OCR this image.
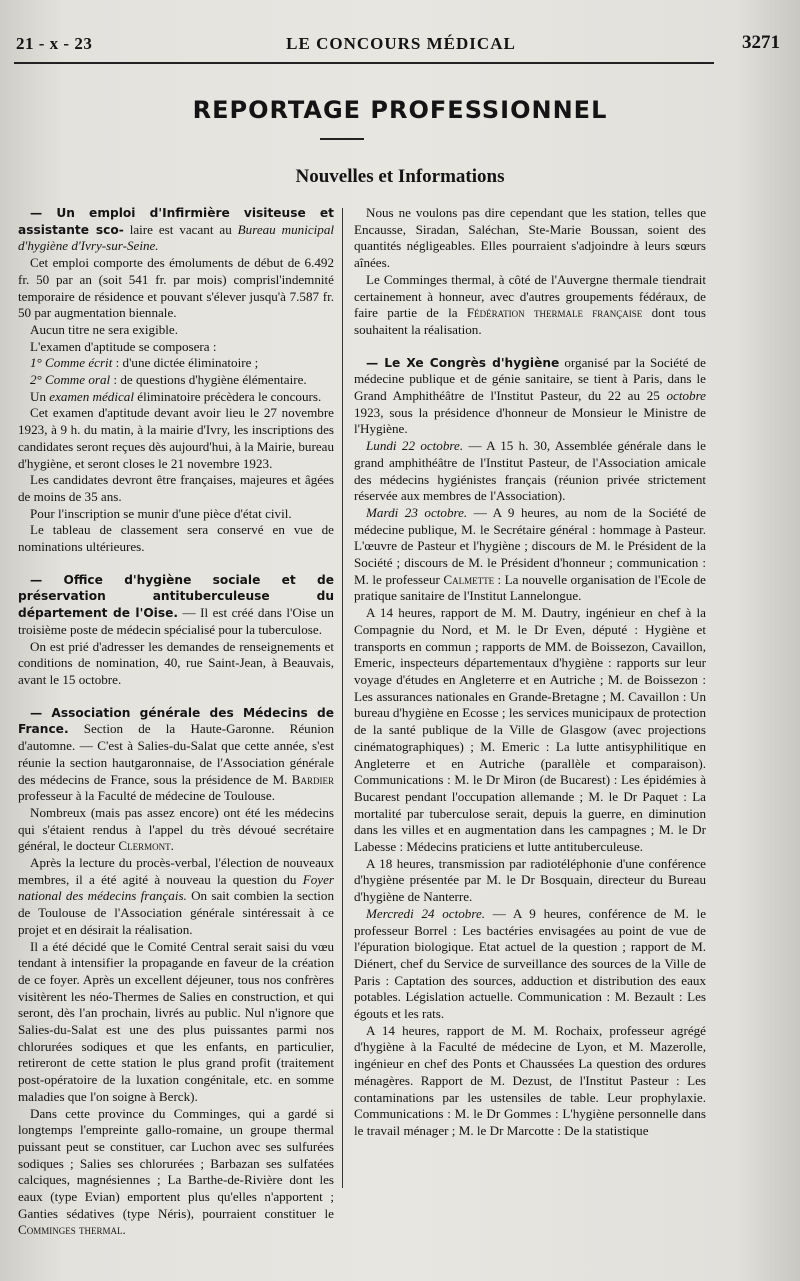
21 - x - 23	LE CONCOURS MÉDICAL	3271
REPORTAGE PROFESSIONNEL
Nouvelles et Informations

— Un emploi d'Infirmière visiteuse et assistante sco- laire est vacant au Bureau municipal d'hygiène d'Ivry-sur-Seine.

Cet emploi comporte des émoluments de début de 6.492 fr. 50 par an (soit 541 fr. par mois) comprisl'indemnité temporaire de résidence et pouvant s'élever jusqu'à 7.587 fr. 50 par augmentation biennale.

Aucun titre ne sera exigible.

L'examen d'aptitude se composera :

1° Comme écrit : d'une dictée éliminatoire ;

2° Comme oral : de questions d'hygiène élémentaire.

Un examen médical éliminatoire précèdera le concours.

Cet examen d'aptitude devant avoir lieu le 27 novembre 1923, à 9 h. du matin, à la mairie d'Ivry, les inscriptions des candidates seront reçues dès aujourd'hui, à la Mairie, bureau d'hygiène, et seront closes le 21 novembre 1923.

Les candidates devront être françaises, majeures et âgées de moins de 35 ans.

Pour l'inscription se munir d'une pièce d'état civil.

Le tableau de classement sera conservé en vue de nominations ultérieures.

— Office d'hygiène sociale et de préservation antituberculeuse du département de l'Oise. — Il est créé dans l'Oise un troisième poste de médecin spécialisé pour la tuberculose.

On est prié d'adresser les demandes de renseignements et conditions de nomination, 40, rue Saint-Jean, à Beauvais, avant le 15 octobre.

— Association générale des Médecins de France. Section de la Haute-Garonne. Réunion d'automne. — C'est à Salies-du-Salat que cette année, s'est réunie la section hautgaronnaise, de l'Association générale des médecins de France, sous la présidence de M. Bardier professeur à la Faculté de médecine de Toulouse.

Nombreux (mais pas assez encore) ont été les médecins qui s'étaient rendus à l'appel du très dévoué secrétaire général, le docteur Clermont.

Après la lecture du procès-verbal, l'élection de nouveaux membres, il a été agité à nouveau la question du Foyer national des médecins français. On sait combien la section de Toulouse de l'Association générale sintéressait à ce projet et en désirait la réalisation.

Il a été décidé que le Comité Central serait saisi du vœu tendant à intensifier la propagande en faveur de la création de ce foyer. Après un excellent déjeuner, tous nos confrères visitèrent les néo-Thermes de Salies en construction, et qui seront, dès l'an prochain, livrés au public. Nul n'ignore que Salies-du-Salat est une des plus puissantes parmi nos chlorurées sodiques et que les enfants, en particulier, retireront de cette station le plus grand profit (traitement post-opératoire de la luxation congénitale, etc. en somme maladies que l'on soigne à Berck).

Dans cette province du Comminges, qui a gardé si longtemps l'empreinte gallo-romaine, un groupe thermal puissant peut se constituer, car Luchon avec ses sulfurées sodiques ; Salies ses chlorurées ; Barbazan ses sulfatées calciques, magnésiennes ; La Barthe-de-Rivière dont les eaux (type Evian) emportent plus qu'elles n'apportent ; Ganties sédatives (type Néris), pourraient constituer le Comminges thermal.

Nous ne voulons pas dire cependant que les station, telles que Encausse, Siradan, Saléchan, Ste-Marie Boussan, soient des quantités négligeables. Elles pourraient s'adjoindre à leurs sœurs aînées.

Le Comminges thermal, à côté de l'Auvergne thermale tiendrait certainement à honneur, avec d'autres groupements fédéraux, de faire partie de la Fédération thermale française dont tous souhaitent la réalisation.

— Le Xe Congrès d'hygiène organisé par la Société de médecine publique et de génie sanitaire, se tient à Paris, dans le Grand Amphithéâtre de l'Institut Pasteur, du 22 au 25 octobre 1923, sous la présidence d'honneur de Monsieur le Ministre de l'Hygiène.

Lundi 22 octobre. — A 15 h. 30, Assemblée générale dans le grand amphithéâtre de l'Institut Pasteur, de l'Association amicale des médecins hygiénistes français (réunion privée strictement réservée aux membres de l'Association).

Mardi 23 octobre. — A 9 heures, au nom de la Société de médecine publique, M. le Secrétaire général : hommage à Pasteur. L'œuvre de Pasteur et l'hygiène ; discours de M. le Président de la Société ; discours de M. le Président d'honneur ; communication : M. le professeur Calmette : La nouvelle organisation de l'Ecole de pratique sanitaire de l'Institut Lannelongue.

A 14 heures, rapport de M. M. Dautry, ingénieur en chef à la Compagnie du Nord, et M. le Dr Even, député : Hygiène et transports en commun ; rapports de MM. de Boissezon, Cavaillon, Emeric, inspecteurs départementaux d'hygiène : rapports sur leur voyage d'études en Angleterre et en Autriche ; M. de Boissezon : Les assurances nationales en Grande-Bretagne ; M. Cavaillon : Un bureau d'hygiène en Ecosse ; les services municipaux de protection de la santé publique de la Ville de Glasgow (avec projections cinématographiques) ; M. Emeric : La lutte antisyphilitique en Angleterre et en Autriche (parallèle et comparaison). Communications : M. le Dr Miron (de Bucarest) : Les épidémies à Bucarest pendant l'occupation allemande ; M. le Dr Paquet : La mortalité par tuberculose serait, depuis la guerre, en diminution dans les villes et en augmentation dans les campagnes ; M. le Dr Labesse : Médecins praticiens et lutte antituberculeuse.

A 18 heures, transmission par radiotéléphonie d'une conférence d'hygiène présentée par M. le Dr Bosquain, directeur du Bureau d'hygiène de Nanterre.

Mercredi 24 octobre. — A 9 heures, conférence de M. le professeur Borrel : Les bactéries envisagées au point de vue de l'épuration biologique. Etat actuel de la question ; rapport de M. Diénert, chef du Service de surveillance des sources de la Ville de Paris : Captation des sources, adduction et distribution des eaux potables. Législation actuelle. Communication : M. Bezault : Les égouts et les rats.

A 14 heures, rapport de M. M. Rochaix, professeur agrégé d'hygiène à la Faculté de médecine de Lyon, et M. Mazerolle, ingénieur en chef des Ponts et Chaussées La question des ordures ménagères. Rapport de M. Dezust, de l'Institut Pasteur : Les contaminations par les ustensiles de table. Leur prophylaxie. Communications : M. le Dr Gommes : L'hygiène personnelle dans le travail ménager ; M. le Dr Marcotte : De la statistique
